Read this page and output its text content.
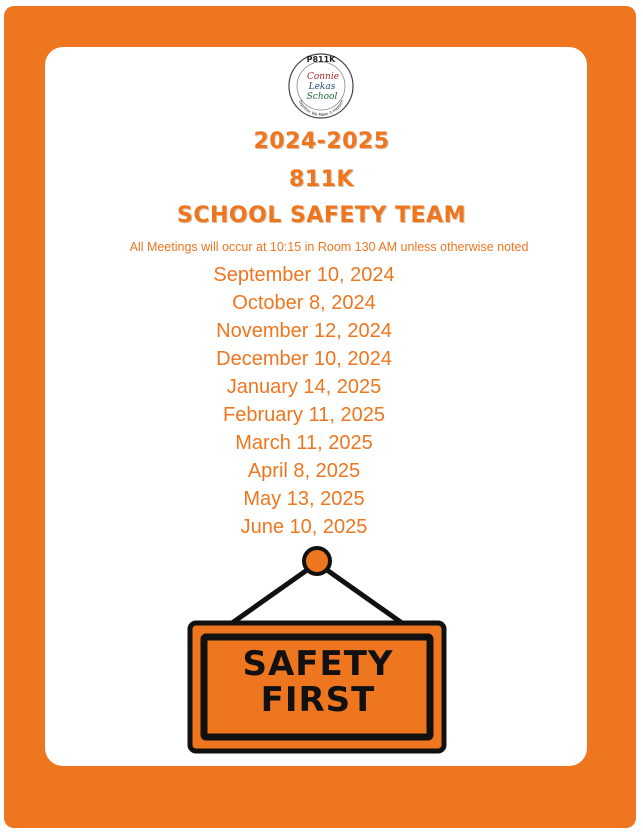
P811K
Connie
Lekas
School
Together We Make it Happen
2024-2025
811K
SCHOOL SAFETY TEAM
All Meetings will occur at 10:15 in Room 130 AM unless otherwise noted
September 10, 2024
October 8, 2024
November 12, 2024
December 10, 2024
January 14, 2025
February 11, 2025
March 11, 2025
April 8, 2025
May 13, 2025
June 10, 2025
SAFETY
FIRST
